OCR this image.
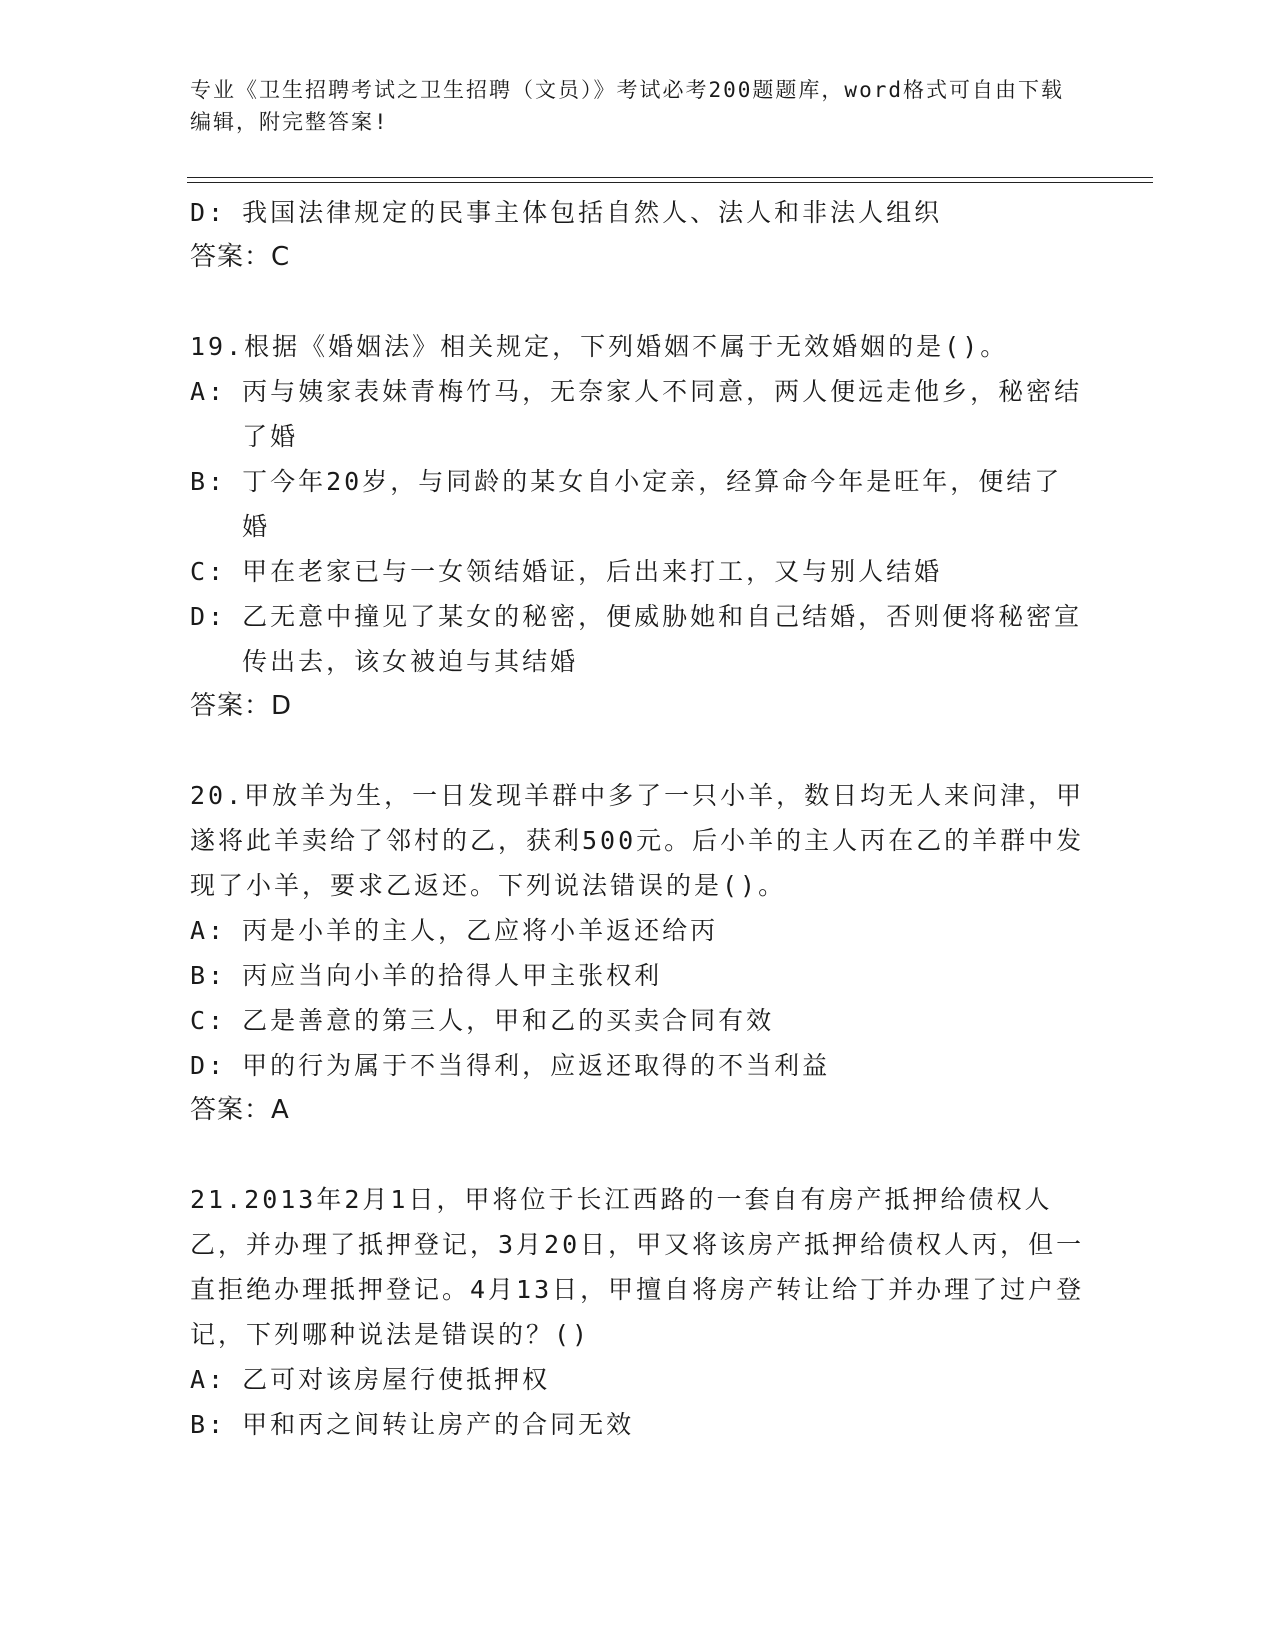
专业《卫生招聘考试之卫生招聘（文员）》考试必考200题题库，word格式可自由下载编辑，附完整答案!
D: 我国法律规定的民事主体包括自然人、法人和非法人组织

答案：C

19.根据《婚姻法》相关规定，下列婚姻不属于无效婚姻的是()。

A: 丙与姨家表妹青梅竹马，无奈家人不同意，两人便远走他乡，秘密结了婚
B: 丁今年20岁，与同龄的某女自小定亲，经算命今年是旺年，便结了婚
C: 甲在老家已与一女领结婚证，后出来打工，又与别人结婚
D: 乙无意中撞见了某女的秘密，便威胁她和自己结婚，否则便将秘密宣传出去，该女被迫与其结婚

答案：D

20.甲放羊为生，一日发现羊群中多了一只小羊，数日均无人来问津，甲遂将此羊卖给了邻村的乙，获利500元。后小羊的主人丙在乙的羊群中发现了小羊，要求乙返还。下列说法错误的是()。

A: 丙是小羊的主人，乙应将小羊返还给丙
B: 丙应当向小羊的拾得人甲主张权利
C: 乙是善意的第三人，甲和乙的买卖合同有效
D: 甲的行为属于不当得利，应返还取得的不当利益

答案：A

21.2013年2月1日，甲将位于长江西路的一套自有房产抵押给债权人乙，并办理了抵押登记，3月20日，甲又将该房产抵押给债权人丙，但一直拒绝办理抵押登记。4月13日，甲擅自将房产转让给丁并办理了过户登记，下列哪种说法是错误的？()

A: 乙可对该房屋行使抵押权
B: 甲和丙之间转让房产的合同无效
